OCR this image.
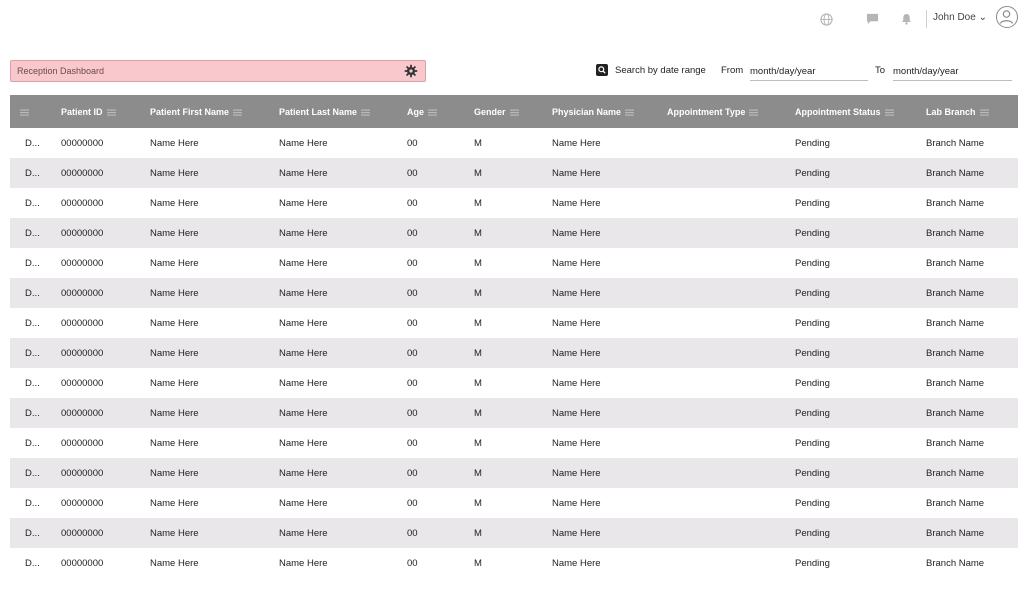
John Doe ⌄
Reception Dashboard	Search by date range From
month/day/year	To
month/day/year
	Patient ID	Patient First Name	Patient Last Name	Age	Gender	Physician Name	Appointment Type	Appointment Status	Lab Branch
D...	00000000	Name Here	Name Here	00	M	Name Here		Pending	Branch Name
D...	00000000	Name Here	Name Here	00	M	Name Here		Pending	Branch Name
D...	00000000	Name Here	Name Here	00	M	Name Here		Pending	Branch Name
D...	00000000	Name Here	Name Here	00	M	Name Here		Pending	Branch Name
D...	00000000	Name Here	Name Here	00	M	Name Here		Pending	Branch Name
D...	00000000	Name Here	Name Here	00	M	Name Here		Pending	Branch Name
D...	00000000	Name Here	Name Here	00	M	Name Here		Pending	Branch Name
D...	00000000	Name Here	Name Here	00	M	Name Here		Pending	Branch Name
D...	00000000	Name Here	Name Here	00	M	Name Here		Pending	Branch Name
D...	00000000	Name Here	Name Here	00	M	Name Here		Pending	Branch Name
D...	00000000	Name Here	Name Here	00	M	Name Here		Pending	Branch Name
D...	00000000	Name Here	Name Here	00	M	Name Here		Pending	Branch Name
D...	00000000	Name Here	Name Here	00	M	Name Here		Pending	Branch Name
D...	00000000	Name Here	Name Here	00	M	Name Here		Pending	Branch Name
D...	00000000	Name Here	Name Here	00	M	Name Here		Pending	Branch Name
